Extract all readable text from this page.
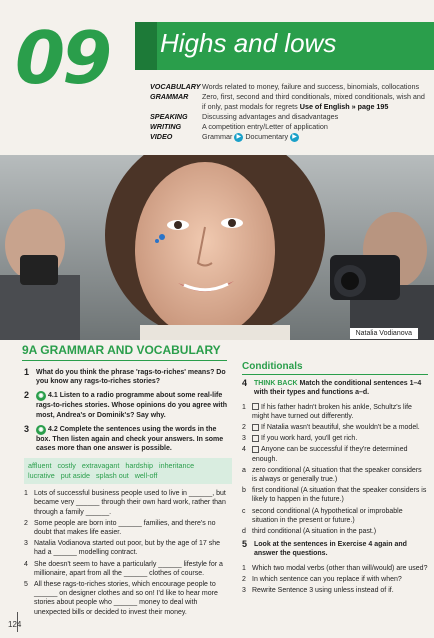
09 Highs and lows
VOCABULARY Words related to money, failure and success, binomials, collocations
GRAMMAR	Zero, first, second and third conditionals, mixed conditionals, wish and if only, past modals for regrets Use of English » page 195
SPEAKING	Discussing advantages and disadvantages
WRITING	A competition entry/Letter of application
VIDEO	Grammar ▶ Documentary ▶
Natalia Vodianova
9A GRAMMAR AND VOCABULARY
1 What do you think the phrase 'rags-to-riches' means? Do you know any rags-to-riches stories?
2 ◉ 4.1 Listen to a radio programme about some real-life rags-to-riches stories. Whose opinions do you agree with most, Andrea's or Dominik's? Say why.
3 ◉ 4.2 Complete the sentences using the words in the box. Then listen again and check your answers. In some cases more than one answer is possible.
affluent costly extravagant hardship inheritance lucrative put aside splash out well-off
1 Lots of successful business people used to live in ______, but became very ______ through their own hard work, rather than through a family ______.
2 Some people are born into ______ families, and there's no doubt that makes life easier.
3 Natalia Vodianova started out poor, but by the age of 17 she had a ______ modelling contract.
4 She doesn't seem to have a particularly ______ lifestyle for a millionaire, apart from all the ______ clothes of course.
5 All these rags-to-riches stories, which encourage people to ______ on designer clothes and so on! I'd like to hear more stories about people who ______ money to deal with unexpected bills or decided to invest their money.
Conditionals
4 THINK BACK Match the conditional sentences 1–4 with their types and functions a–d.
1	If his father hadn't broken his ankle, Schultz's life might have turned out differently.
2	If Natalia wasn't beautiful, she wouldn't be a model.
3	If you work hard, you'll get rich.
4	Anyone can be successful if they're determined enough.
a zero conditional (A situation that the speaker considers is always or generally true.)
b first conditional (A situation that the speaker considers is likely to happen in the future.)
c second conditional (A hypothetical or improbable situation in the present or future.)
d third conditional (A situation in the past.)
5 Look at the sentences in Exercise 4 again and answer the questions.
1 Which two modal verbs (other than will/would) are used?
2 In which sentence can you replace if with when?
3 Rewrite Sentence 3 using unless instead of if.
124
